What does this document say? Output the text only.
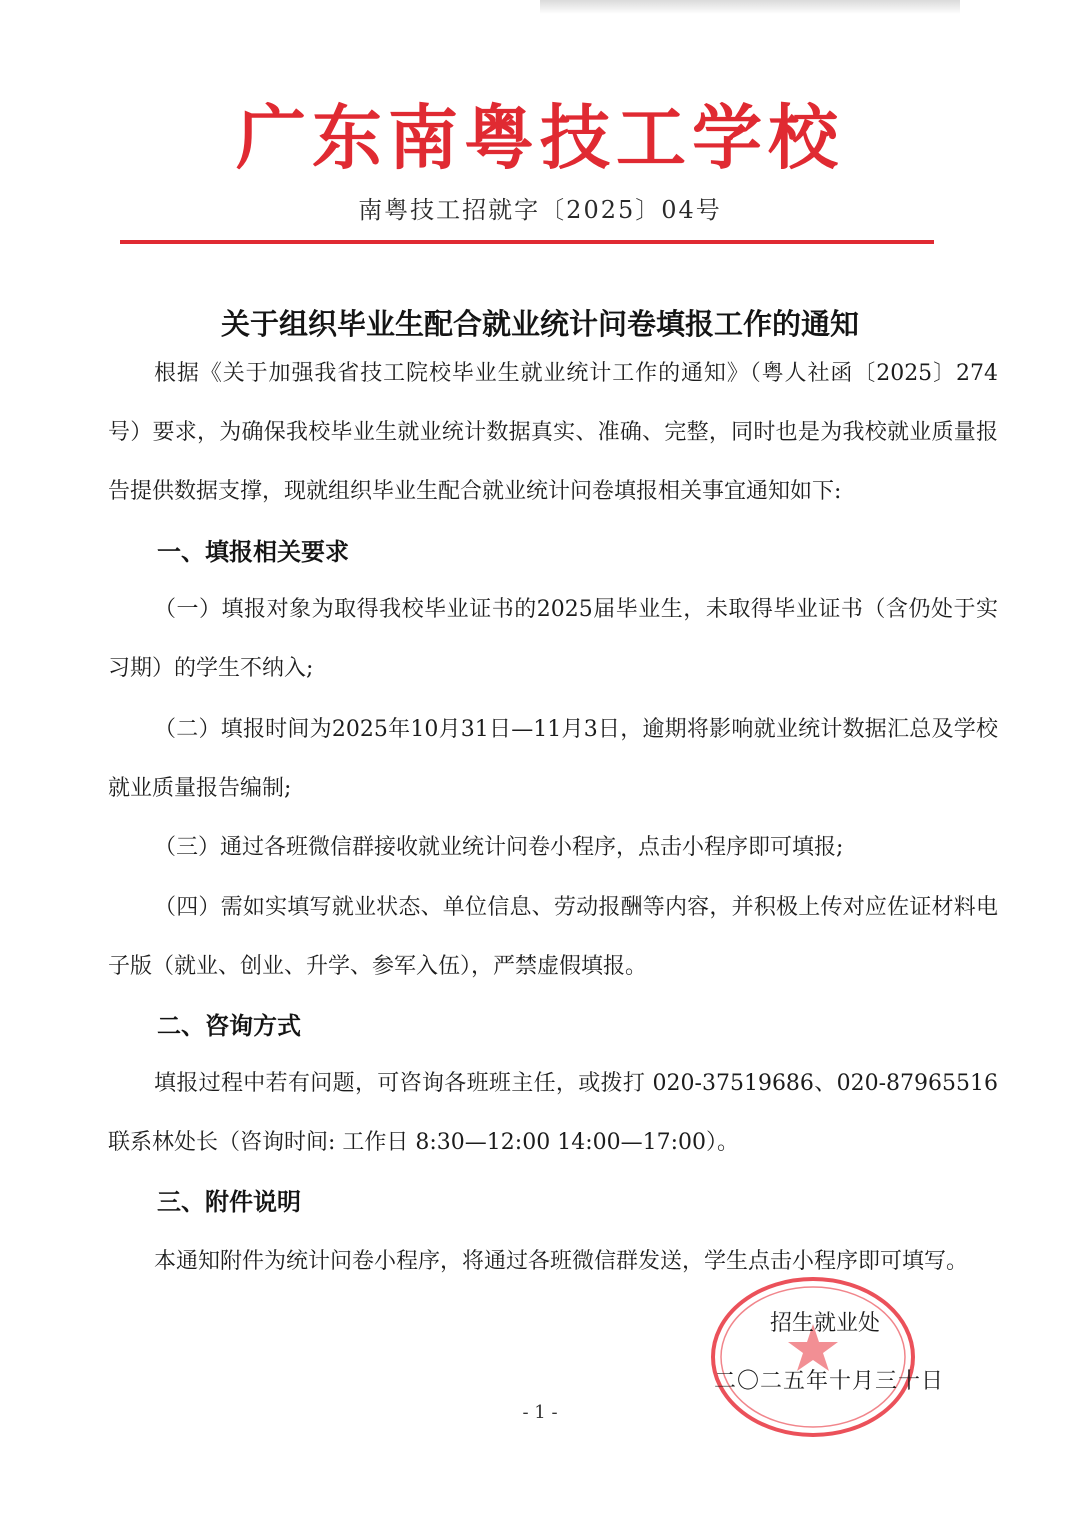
广东南粤技工学校
南粤技工招就字〔2025〕04号
关于组织毕业生配合就业统计问卷填报工作的通知

根据《关于加强我省技工院校毕业生就业统计工作的通知》（粤人社函〔2025〕274号）要求，为确保我校毕业生就业统计数据真实、准确、完整，同时也是为我校就业质量报告提供数据支撑，现就组织毕业生配合就业统计问卷填报相关事宜通知如下:

一、填报相关要求

（一）填报对象为取得我校毕业证书的2025届毕业生，未取得毕业证书（含仍处于实习期）的学生不纳入;

（二）填报时间为2025年10月31日—11月3日，逾期将影响就业统计数据汇总及学校就业质量报告编制;

（三）通过各班微信群接收就业统计问卷小程序，点击小程序即可填报;

（四）需如实填写就业状态、单位信息、劳动报酬等内容，并积极上传对应佐证材料电子版（就业、创业、升学、参军入伍），严禁虚假填报。

二、咨询方式

填报过程中若有问题，可咨询各班班主任，或拨打 020-37519686、020-87965516 联系林处长（咨询时间: 工作日 8:30—12:00 14:00—17:00）。

三、附件说明

本通知附件为统计问卷小程序，将通过各班微信群发送，学生点击小程序即可填写。

招生就业处
二〇二五年十月三十日
- 1 -
